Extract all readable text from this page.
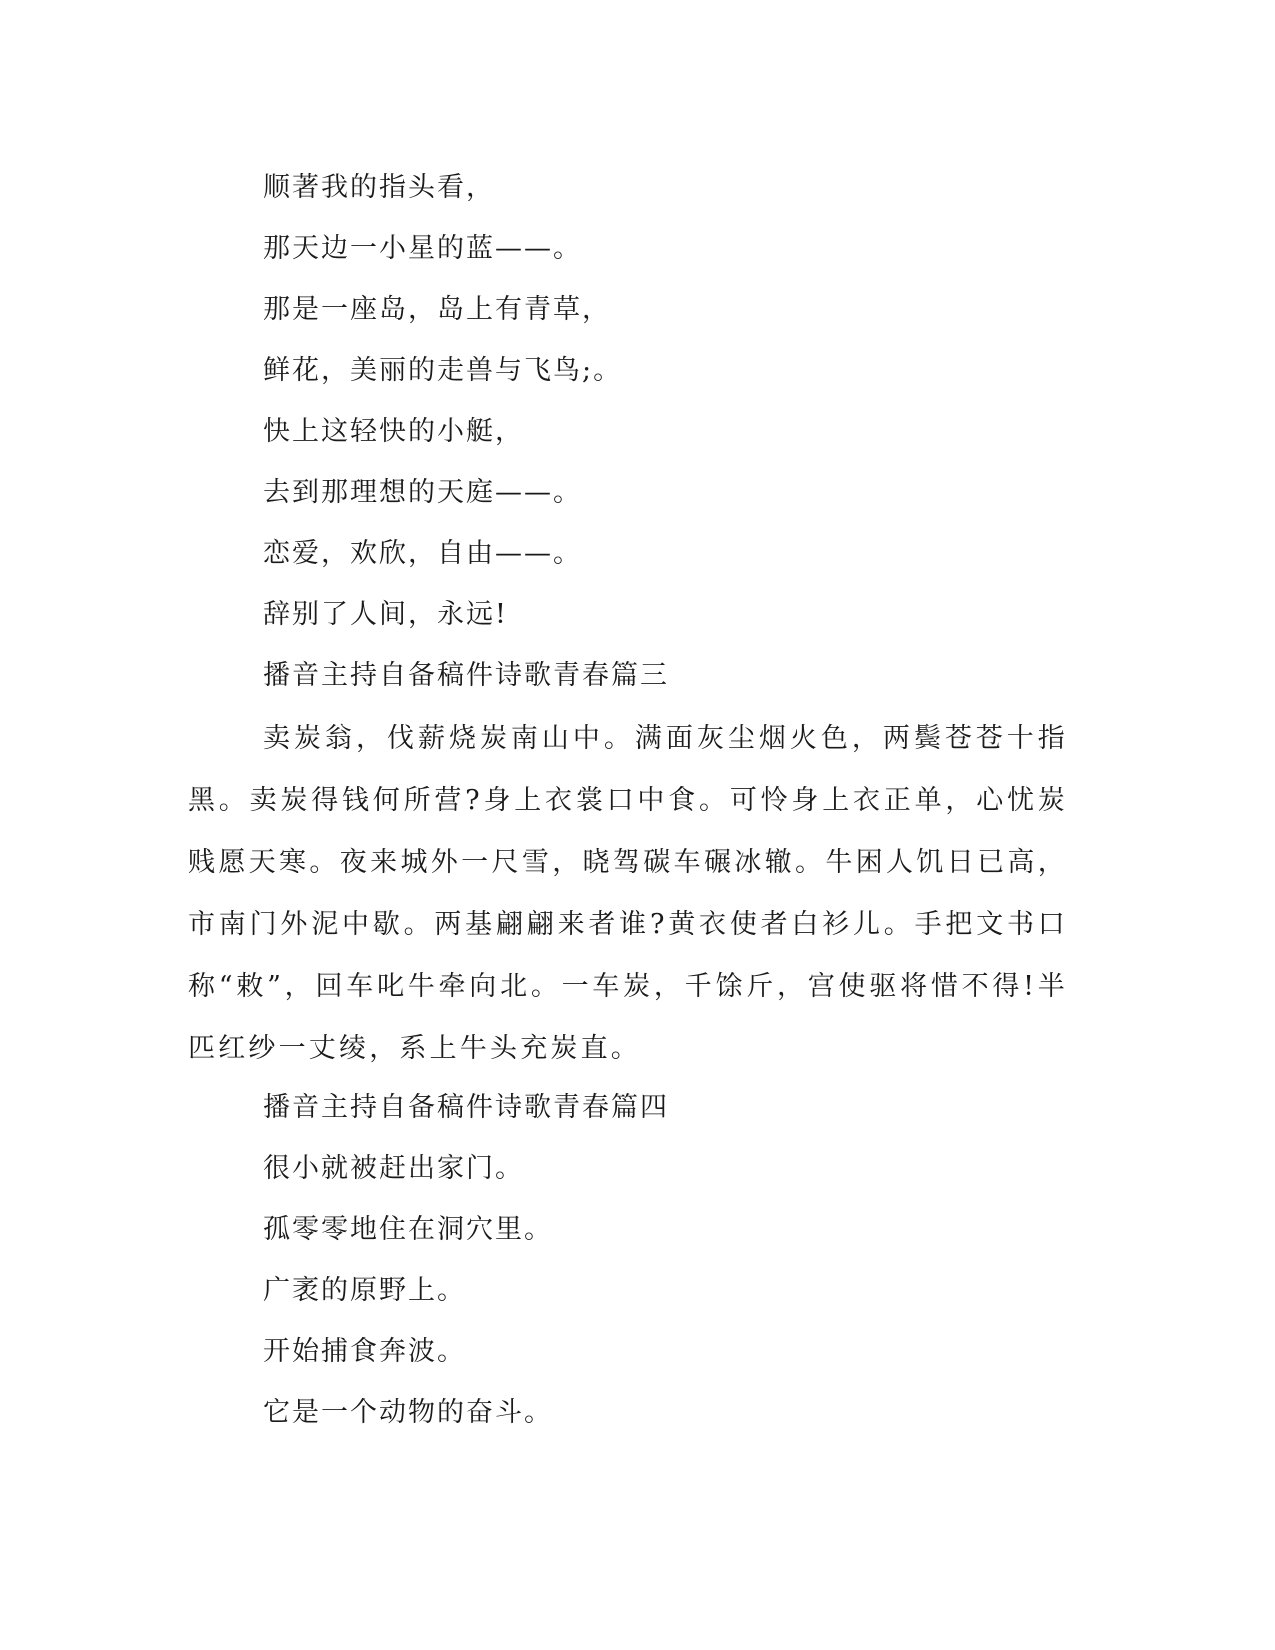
顺著我的指头看，
那天边一小星的蓝——。
那是一座岛，岛上有青草，
鲜花，美丽的走兽与飞鸟;。
快上这轻快的小艇，
去到那理想的天庭——。
恋爱，欢欣，自由——。
辞别了人间，永远!
播音主持自备稿件诗歌青春篇三
卖炭翁，伐薪烧炭南山中。满面灰尘烟火色，两鬓苍苍十指黑。卖炭得钱何所营?身上衣裳口中食。可怜身上衣正单，心忧炭贱愿天寒。夜来城外一尺雪，晓驾碳车碾冰辙。牛困人饥日已高，市南门外泥中歇。两基翩翩来者谁?黄衣使者白衫儿。手把文书口称“敕”，回车叱牛牵向北。一车炭，千馀斤，宫使驱将惜不得!半匹红纱一丈绫，系上牛头充炭直。
播音主持自备稿件诗歌青春篇四
很小就被赶出家门。
孤零零地住在洞穴里。
广袤的原野上。
开始捕食奔波。
它是一个动物的奋斗。
